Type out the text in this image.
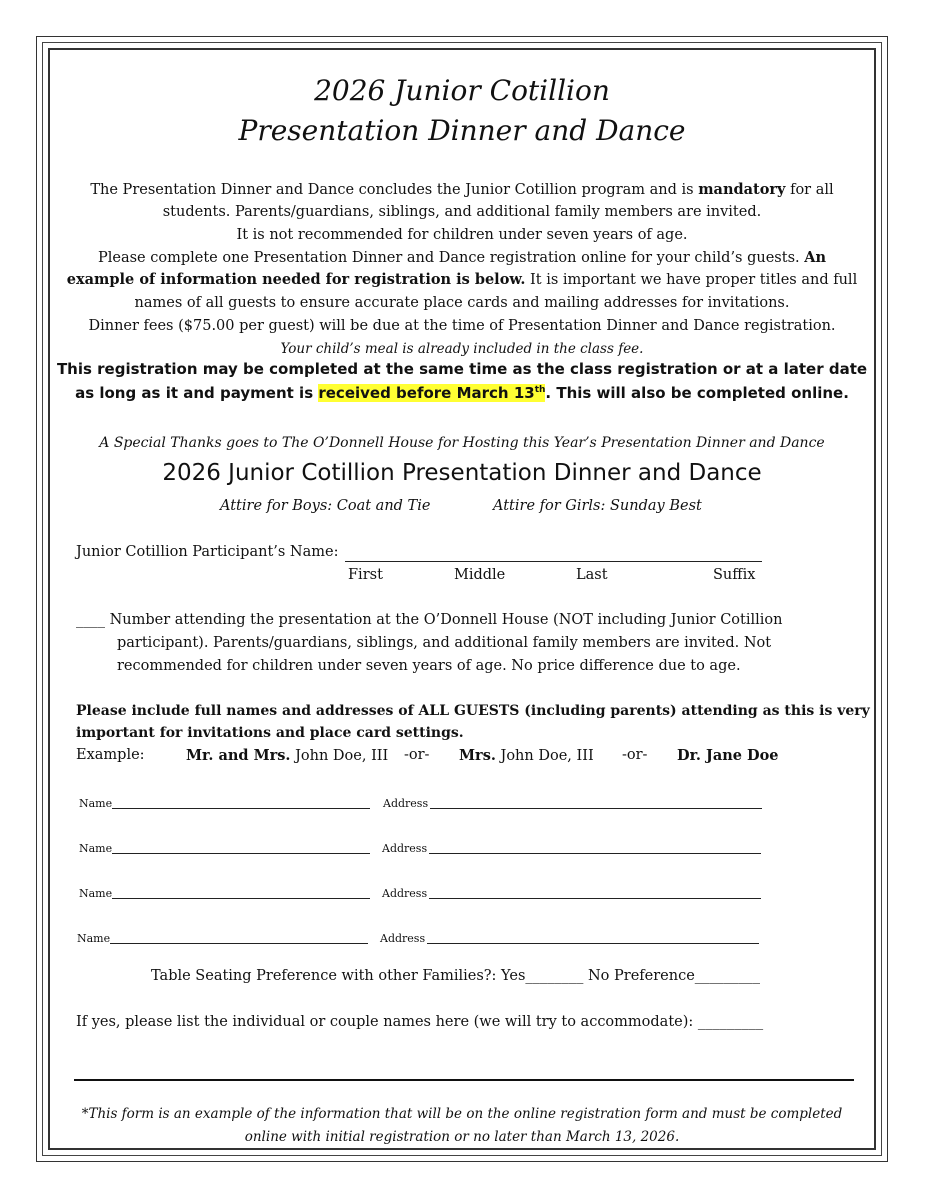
2026 Junior Cotillion
Presentation Dinner and Dance
The Presentation Dinner and Dance concludes the Junior Cotillion program and is mandatory for all
students. Parents/guardians, siblings, and additional family members are invited.
It is not recommended for children under seven years of age.
Please complete one Presentation Dinner and Dance registration online for your child’s guests. An
example of information needed for registration is below. It is important we have proper titles and full
names of all guests to ensure accurate place cards and mailing addresses for invitations.
Dinner fees ($75.00 per guest) will be due at the time of Presentation Dinner and Dance registration.
Your child’s meal is already included in the class fee.
This registration may be completed at the same time as the class registration or at a later date
as long as it and payment is received before March 13th. This will also be completed online.
A Special Thanks goes to The O’Donnell House for Hosting this Year’s Presentation Dinner and Dance
2026 Junior Cotillion Presentation Dinner and Dance
Attire for Boys: Coat and Tie	Attire for Girls: Sunday Best
Junior Cotillion Participant’s Name:
First	Middle	Last	Suffix
____ Number attending the presentation at the O’Donnell House (NOT including Junior Cotillion
participant). Parents/guardians, siblings, and additional family members are invited. Not
recommended for children under seven years of age. No price difference due to age.
Please include full names and addresses of ALL GUESTS (including parents) attending as this is very
important for invitations and place card settings.
Example:	Mr. and Mrs. John Doe, III -or- Mrs. John Doe, III -or- Dr. Jane Doe
Name	Address
Name	Address
Name	Address
Name	Address
Table Seating Preference with other Families?: Yes________ No Preference_________
If yes, please list the individual or couple names here (we will try to accommodate): _________
*This form is an example of the information that will be on the online registration form and must be completed
online with initial registration or no later than March 13, 2026.
